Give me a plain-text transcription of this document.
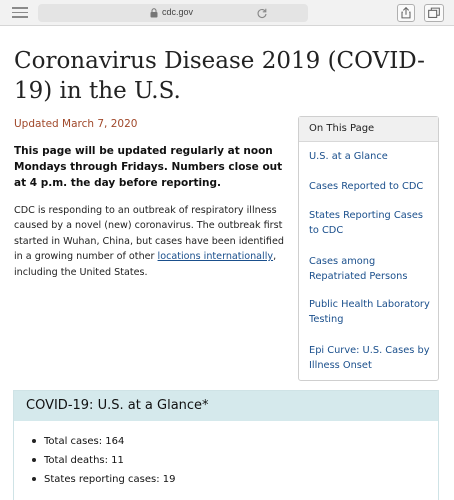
cdc.gov
Coronavirus Disease 2019 (COVID-19) in the U.S.
Updated March 7, 2020

This page will be updated regularly at noon Mondays through Fridays. Numbers close out at 4 p.m. the day before reporting.

CDC is responding to an outbreak of respiratory illness caused by a novel (new) coronavirus. The outbreak first started in Wuhan, China, but cases have been identified in a growing number of other locations internationally, including the United States.

On This Page
U.S. at a Glance
Cases Reported to CDC
States Reporting Cases to CDC
Cases among Repatriated Persons
Public Health Laboratory Testing
Epi Curve: U.S. Cases by Illness Onset
COVID-19: U.S. at a Glance*
Total cases: 164
Total deaths: 11
States reporting cases: 19
